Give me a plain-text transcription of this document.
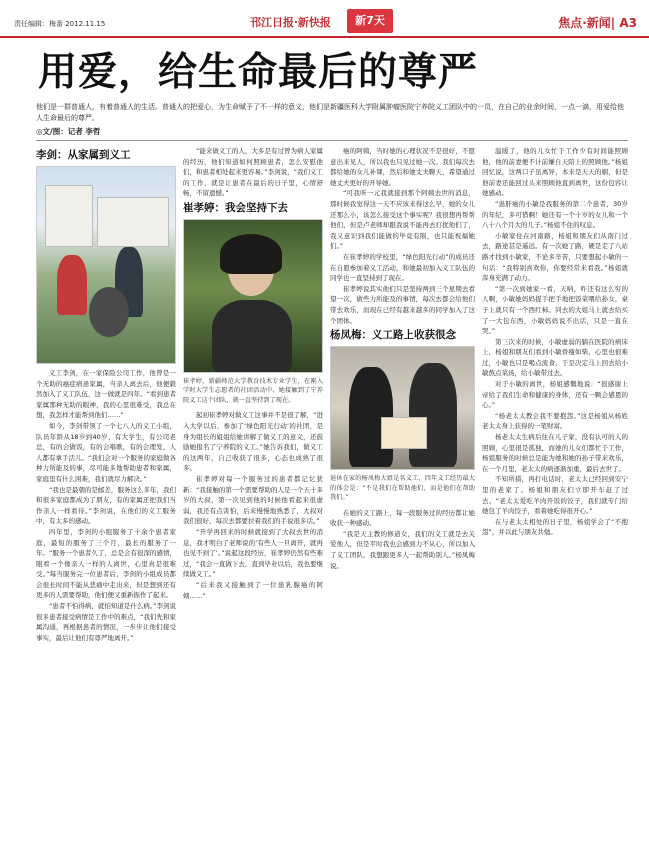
责任编辑：梅番 2012.11.15	邗江日报·新快报	新7天	焦点·新闻| A3
用爱，给生命最后的尊严
他们是一群普通人，有着普通人的生活。普通人的把爱心，为生命赋予了不一样的意义，他们是新疆医科大学附属肿瘤医院宁养院义工团队中的一员，在自己的业余时间，一点一滴，用爱给他人生命最后的尊严。
◎文/图：记者 李哲
李剑：从家属到义工

义工李剑，在一家保险公司工作，他曾是一个无助的癌症病患家属，当亲人离去后，他便毅然加入了义工队伍，这一做就是四年。“看到患者家属那种无助的眼神，我的心里很难受，我总在想，我怎样才能帮到他们……”

如今，李剑带领了一个七八人的义工小组，队员年龄从18岁到40岁，有大学生，有公司老总，有的会做饭，有的会唱歌，有的会理发，人人都有拿手活儿。“我们会对一个服务的家庭做各种力所能及的事，尽可能多地帮助患者和家属，家庭里有什么困难，我们就尽力解决。”

“我也是最朝的是邮差，服务这么多年，我们和很多家庭都成为了朋友，有的家属还把我们当作亲人一样看待。”李剑说，在他们的义工服务中，有太多的感动。

四年里，李剑的小组服务了十余个患者家庭，最短的服务了三个月，最长的服务了一年。“服务一个患者久了，总是会有很深的感情，眼看一个像亲人一样的人离世，心里真是很难受。”每当服务完一位患者后，李剑的小组成员都会很长时间不能从悲痛中走出来，但是想到还有更多的人需要帮助，他们便又重新振作了起来。

“患者不怕得病，就怕知道是什么病。”李剑说很多患者接受病情是工作中的难点，“我们先和家属沟通，再根据患者的情况，一步步让他们接受事实，最后让他们有尊严地离开。”

“能来做义工的人，大多是有过曾为病人家属的经历，他们知道如何照顾患者，怎么安慰他们，和患者相处起来更容易。”李剑说，“我们义工的工作，就是让患者在最后的日子里，心情舒畅，不留遗憾。”

崔孝婷：我会坚持下去
崔孝婷，新疆师范大学教育技术专业学生，在刚入学时大学生志愿者的社团活动中，她接触到了宁养院义工这个团队，就一直坚持到了现在。

起初崔孝婷对做义工这事并不是很了解，“进入大学以后，参加了‘绿色阳光行动’的社团，是身为组长的姐姐给她讲解了做义工的意义，还鼓励她报名了宁养院的义工。”她告诉我们，做义工的这两年，自己收获了很多，心态也成熟了很多。

崔孝婷对每一个服务过的患者都记忆犹新：“我接触的第一个需要帮助的人是一个五十多岁的大叔，第一次见到他的时候他看起来很虚弱，我还有点害怕，后来慢慢地熟悉了，大叔对我们很好，每次去都要拉着我们的手说很多话。”

“开学再回来的时候就接到了大叔去世的消息，我才明白了老师说的‘有些人一旦离开，就再也见不到了’。”说起这段经历，崔孝婷仍然有些难过，“我会一直做下去，直到毕业以后，我也要继续做义工。”

“后来我又接触到了一位患乳腺癌的阿姨……”

癌的阿姨，当时她的心理状况不是很好，不愿意出来见人，所以我也只见过她一次。我们每次去都给她的女儿补课，然后和她丈夫聊天，希望通过她丈夫更好的开导她。

“可我听一元我就接到那个阿姨去世的消息，那时候我觉得这一天不应该来得这么早，她的女儿还那么小，该怎么接受这个事实呢？我很想再帮帮他们，但是卢老师却跟我说不能再去打扰他们了，我又意识到我们能做的毕竟有限，也只能祝福她们。”

在崔孝婷的学校里，“绿色阳光行动”的成员还在自愿参加着义工活动，和她最初加入义工队伍的同学也一直坚持到了现在。

崔孝婷说其实他们只是坚持两到三个星期去看望一次，做些力所能及的事情，每次去都会给他们带去欢乐，而现在已经有越来越多的同学加入了这个团体。

杨凤梅：义工路上收获很念
退休在家的杨凤梅大姐是名义工，四年义工经历最大的体会是：“不是我们在帮助他们，而是他们在帮助我们。”

在她的义工路上，每一段服务过的经历都让她收获一种感动。

“我是天主教的修道女，我们的义工就是去关爱他人，但是平时我也会感到力不从心，所以加入了义工团队，我想跟更多人一起帮助别人。”杨凤梅说。

温暖了，他的儿女忙于工作少有时间能照顾他，他的前妻便不计前嫌自天陪上的照顾他。”杨姐回忆说，这两口子虽离异，本来是天天的姻，但是他前妻还能回过头来照顾他直到离世，这份包容让她感动。

“患肝癌的小敏是我服务的第二个患者，30岁的年纪，多可惜啊！她还有一个十岁的女儿和一个八十八个月大的儿子。”杨姐不住的叹息。

小敏家住在河南路，杨姐和朋友们从南门过去，路途甚是遥远。有一次她了路，硬是走了八站路才找到小敏家，不论多辛苦，只要想起小敏的一句话：“我特别喜欢你，你要经常来看我。”杨姐就浑身充满了动力。

“第一次到她家一看，天呐，咋还有这么穷的人啊，小敏她妈妈捉手把手地把饭菜喂给孙女，桌子上就只有一个西红柿。同去的大姐马上就去给买了一大包东西，小敏妈妈说不出话，只是一直在哭。”

第三次来的时候，小敏虚弱的躺在医院的病床上，杨姐和朋友们看到小敏骨瘦如柴，心里也很难过，小敏也只是喝点流食，于是决定马上回去给小敏熬点菜汤，给小敏带过去。

对于小敏的离世，杨姐感慨地说：“很感谢上帝给了我们生命和健康的身体，还有一颗会感恩的心。”

“杨老太太教会我不要抱怨。”这是杨姐从杨姓老太太身上获得的一笔财富。

杨老太太生病后住在儿子家，没有认可的人的照顾，心里很是孤独，而她的儿女们都忙于工作，杨姐服务的时候总是能为她和她的孙子带来欢乐，在一个月里，老太太的病逐渐加重，最后去世了。

不知所措，再打电话时，老太太已经回到安宁里的老家了。杨姐和朋友们立即开车赶了过去。“老太太爱吃羊肉开饭的饺子，我们就专门给她包了羊肉饺子，看着她吃得很开心。”

在与老太太相处的日子里，杨姐学会了“不抱怨”，并以此与朋友共勉。
